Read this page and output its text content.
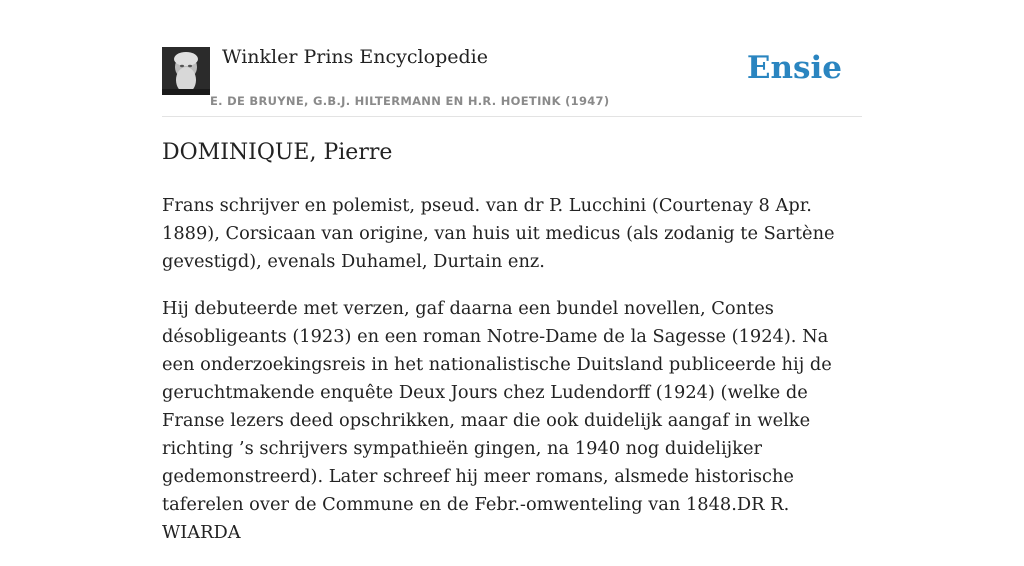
Winkler Prins Encyclopedie
E. DE BRUYNE, G.B.J. HILTERMANN EN H.R. HOETINK (1947)
Ensie
DOMINIQUE, Pierre

Frans schrijver en polemist, pseud. van dr P. Lucchini (Courtenay 8 Apr. 1889), Corsicaan van origine, van huis uit medicus (als zodanig te Sartène gevestigd), evenals Duhamel, Durtain enz.

Hij debuteerde met verzen, gaf daarna een bundel novellen, Contes désobligeants (1923) en een roman Notre-Dame de la Sagesse (1924). Na een onderzoekingsreis in het nationalistische Duitsland publiceerde hij de geruchtmakende enquête Deux Jours chez Ludendorff (1924) (welke de Franse lezers deed opschrikken, maar die ook duidelijk aangaf in welke richting ’s schrijvers sympathieën gingen, na 1940 nog duidelijker gedemonstreerd). Later schreef hij meer romans, alsmede historische taferelen over de Commune en de Febr.-omwenteling van 1848.DR R. WIARDA
